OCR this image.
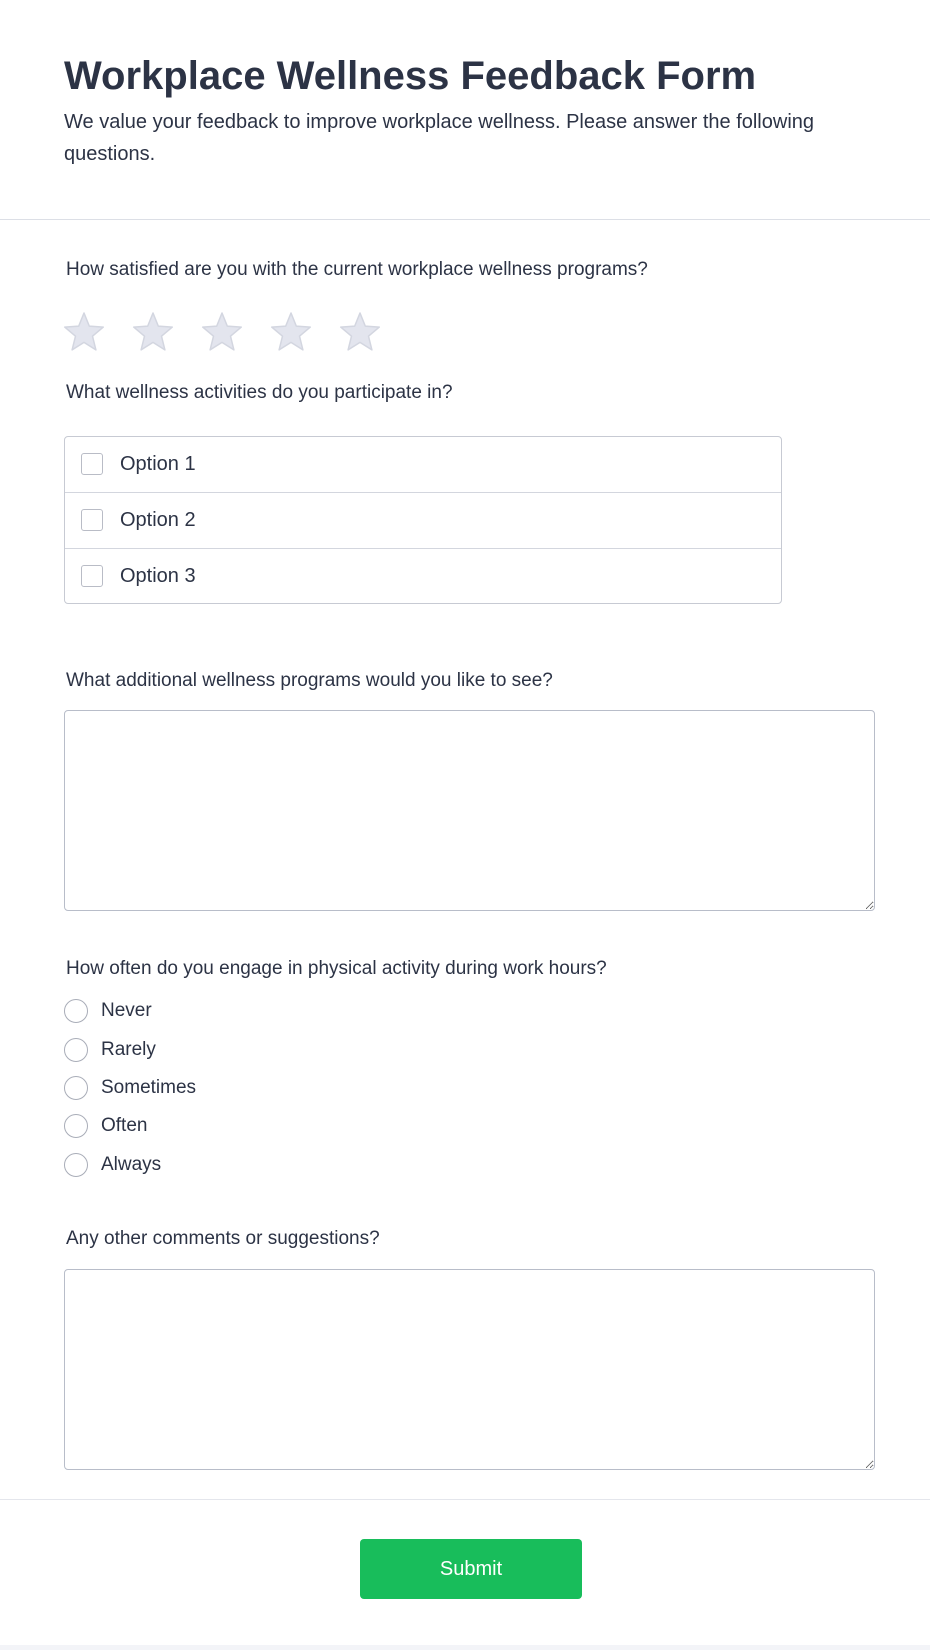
Workplace Wellness Feedback Form

We value your feedback to improve workplace wellness. Please answer the following questions.

How satisfied are you with the current workplace wellness programs?
What wellness activities do you participate in?
Option 1
Option 2
Option 3
What additional wellness programs would you like to see?
How often do you engage in physical activity during work hours?
Never
Rarely
Sometimes
Often
Always
Any other comments or suggestions?
Submit
